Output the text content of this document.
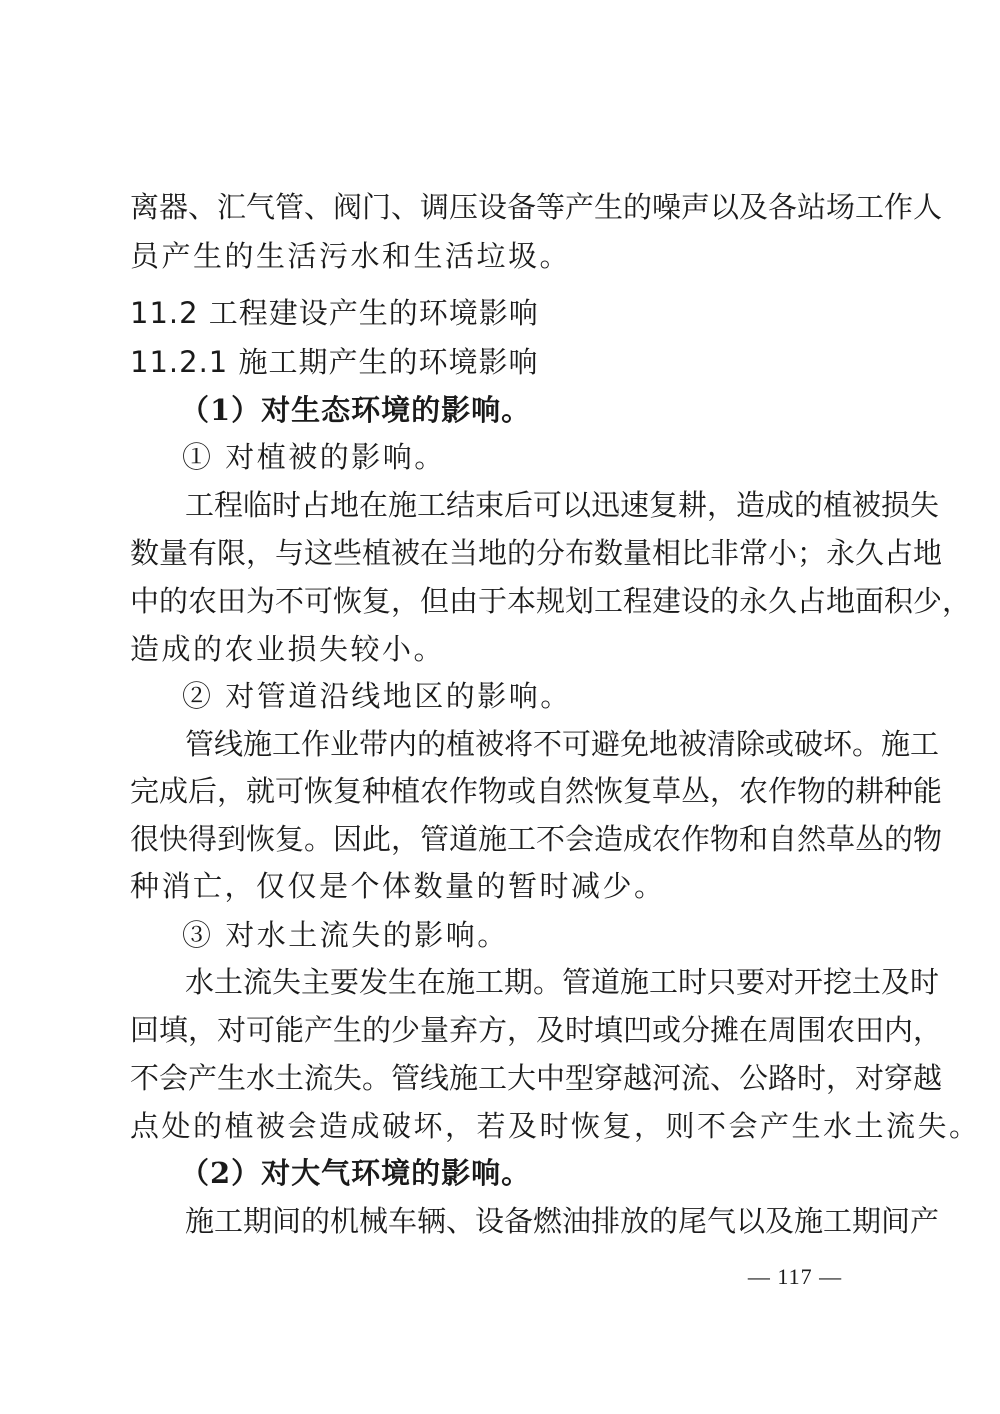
离器、汇气管、阀门、调压设备等产生的噪声以及各站场工作人
员产生的生活污水和生活垃圾。
11.2 工程建设产生的环境影响
11.2.1 施工期产生的环境影响
（1）对生态环境的影响。
① 对植被的影响。
工程临时占地在施工结束后可以迅速复耕，造成的植被损失
数量有限，与这些植被在当地的分布数量相比非常小；永久占地
中的农田为不可恢复，但由于本规划工程建设的永久占地面积少，
造成的农业损失较小。
② 对管道沿线地区的影响。
管线施工作业带内的植被将不可避免地被清除或破坏。施工
完成后，就可恢复种植农作物或自然恢复草丛，农作物的耕种能
很快得到恢复。因此，管道施工不会造成农作物和自然草丛的物
种消亡，仅仅是个体数量的暂时减少。
③ 对水土流失的影响。
水土流失主要发生在施工期。管道施工时只要对开挖土及时
回填，对可能产生的少量弃方，及时填凹或分摊在周围农田内，
不会产生水土流失。管线施工大中型穿越河流、公路时，对穿越
点处的植被会造成破坏，若及时恢复，则不会产生水土流失。
（2）对大气环境的影响。
施工期间的机械车辆、设备燃油排放的尾气以及施工期间产
— 117 —
